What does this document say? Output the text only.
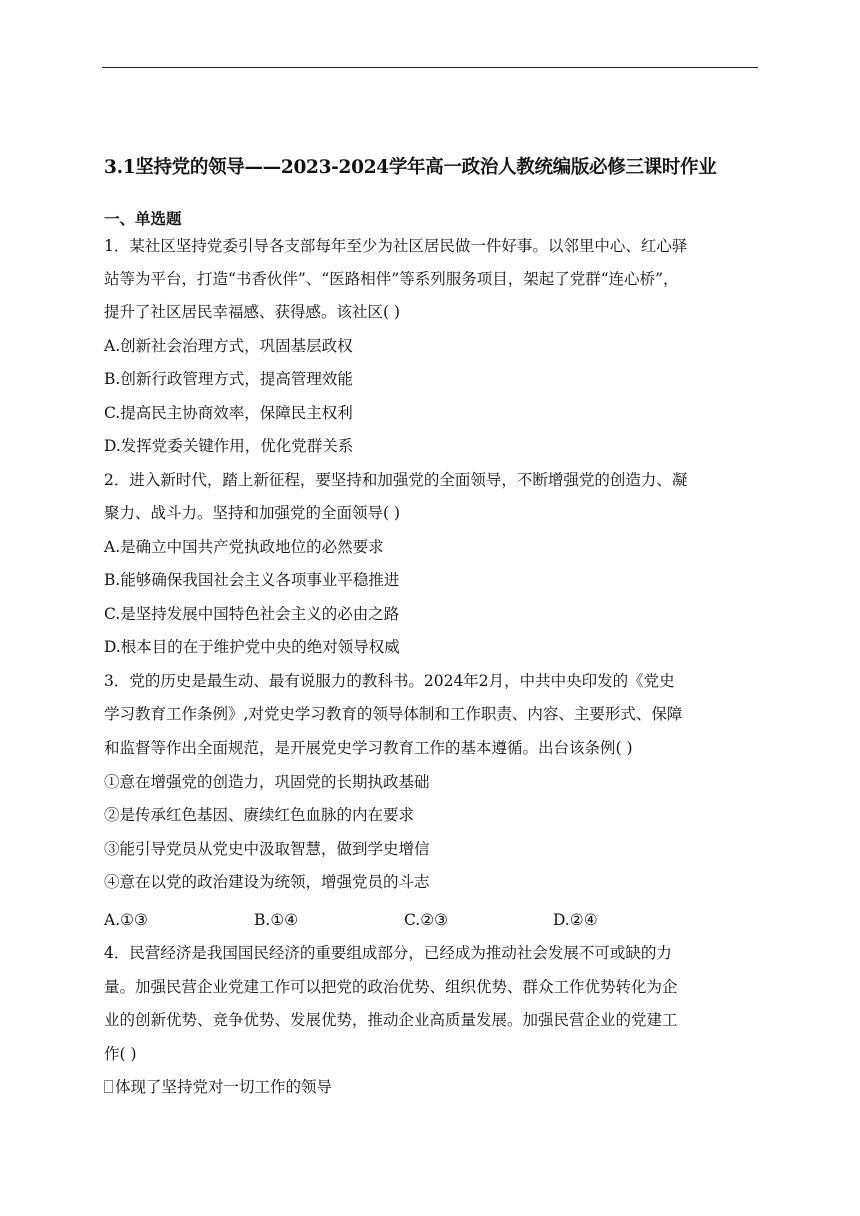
3.1坚持党的领导——2023-2024学年高一政治人教统编版必修三课时作业
一、单选题
1．某社区坚持党委引导各支部每年至少为社区居民做一件好事。以邻里中心、红心驿
站等为平台，打造“书香伙伴”、“医路相伴”等系列服务项目，架起了党群“连心桥”，
提升了社区居民幸福感、获得感。该社区( )
A.创新社会治理方式，巩固基层政权
B.创新行政管理方式，提高管理效能
C.提高民主协商效率，保障民主权利
D.发挥党委关键作用，优化党群关系
2．进入新时代，踏上新征程，要坚持和加强党的全面领导，不断增强党的创造力、凝
聚力、战斗力。坚持和加强党的全面领导( )
A.是确立中国共产党执政地位的必然要求
B.能够确保我国社会主义各项事业平稳推进
C.是坚持发展中国特色社会主义的必由之路
D.根本目的在于维护党中央的绝对领导权威
3．党的历史是最生动、最有说服力的教科书。2024年2月，中共中央印发的《党史
学习教育工作条例》,对党史学习教育的领导体制和工作职责、内容、主要形式、保障
和监督等作出全面规范，是开展党史学习教育工作的基本遵循。出台该条例( )
①意在增强党的创造力，巩固党的长期执政基础
②是传承红色基因、赓续红色血脉的内在要求
③能引导党员从党史中汲取智慧，做到学史增信
④意在以党的政治建设为统领，增强党员的斗志
A.①③	B.①④	C.②③	D.②④
4．民营经济是我国国民经济的重要组成部分，已经成为推动社会发展不可或缺的力
量。加强民营企业党建工作可以把党的政治优势、组织优势、群众工作优势转化为企
业的创新优势、竞争优势、发展优势，推动企业高质量发展。加强民营企业的党建工
作( )
体现了坚持党对一切工作的领导
